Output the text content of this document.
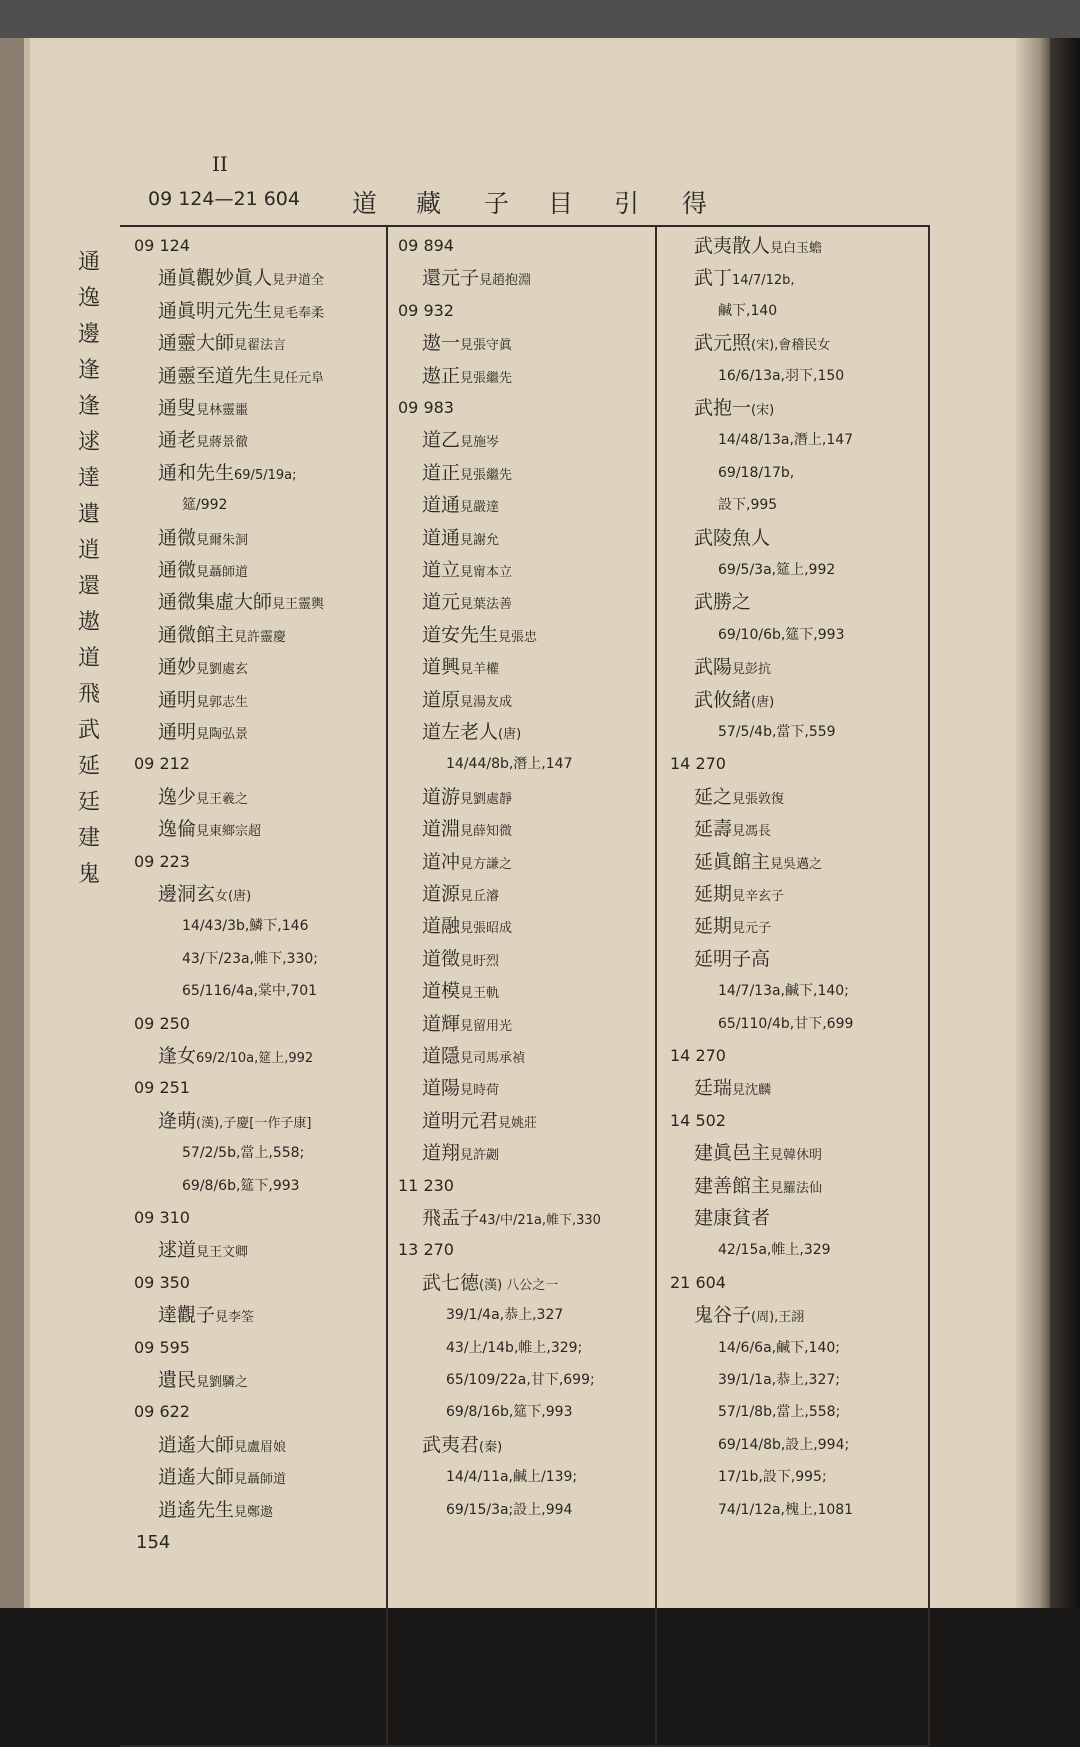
II
09 124—21 604
通
逸
邊
逢
逢
逑
達
遺
逍
還
遨
道
飛
武
延
廷
建
鬼
09 124
通眞觀妙眞人見尹道全
通眞明元先生見毛奉柔
通靈大師見翟法言
通靈至道先生見任元阜
通叟見林靈噩
通老見蔣景徹
通和先生69/5/19a;
筵/992
通微見爾朱洞
通微見聶師道
通微集虛大師見王靈輿
通微館主見許靈慶
通妙見劉處玄
通明見郭志生
通明見陶弘景
09 212
逸少見王羲之
逸倫見東鄉宗超
09 223
邊洞玄女(唐)
14/43/3b,鱗下,146
43/下/23a,帷下,330;
65/116/4a,棠中,701
09 250
逢女69/2/10a,筵上,992
09 251
逄萌(漢),子慶[一作子康]
57/2/5b,當上,558;
69/8/6b,筵下,993
09 310
逑道見王文卿
09 350
達觀子見李筌
09 595
遺民見劉驎之
09 622
逍遙大師見盧眉娘
逍遙大師見聶師道
逍遙先生見鄭遨
09 894
還元子見趙抱淵
09 932
遨一見張守眞
遨正見張繼先
09 983
道乙見施岑
道正見張繼先
道通見嚴達
道通見謝允
道立見甯本立
道元見葉法善
道安先生見張忠
道興見羊權
道原見湯友成
道左老人(唐)
14/44/8b,潛上,147
道游見劉處靜
道淵見薛知微
道冲見方謙之
道源見丘濬
道融見張昭成
道徵見盱烈
道模見王軌
道輝見留用光
道隱見司馬承禎
道陽見時荷
道明元君見姚莊
道翔見許劌
11 230
飛盂子43/中/21a,帷下,330
13 270
武七德(漢) 八公之一
39/1/4a,恭上,327
43/上/14b,帷上,329;
65/109/22a,甘下,699;
69/8/16b,筵下,993
武夷君(秦)
14/4/11a,鹹上/139;
69/15/3a;設上,994
武夷散人見白玉蟾
武丁14/7/12b,
鹹下,140
武元照(宋),會稽民女
16/6/13a,羽下,150
武抱一(宋)
14/48/13a,潛上,147
69/18/17b,
設下,995
武陵魚人
69/5/3a,筵上,992
武勝之
69/10/6b,筵下,993
武陽見彭抗
武攸緒(唐)
57/5/4b,當下,559
14 270
延之見張敦復
延壽見馮長
延眞館主見吳邁之
延期見辛玄子
延期見元子
延明子高
14/7/13a,鹹下,140;
65/110/4b,甘下,699
14 270
廷瑞見沈麟
14 502
建眞邑主見韓休明
建善館主見羅法仙
建康貧者
42/15a,帷上,329
21 604
鬼谷子(周),王詡
14/6/6a,鹹下,140;
39/1/1a,恭上,327;
57/1/8b,當上,558;
69/14/8b,設上,994;
17/1b,設下,995;
74/1/12a,槐上,1081
154
道 藏 子 目 引 得
